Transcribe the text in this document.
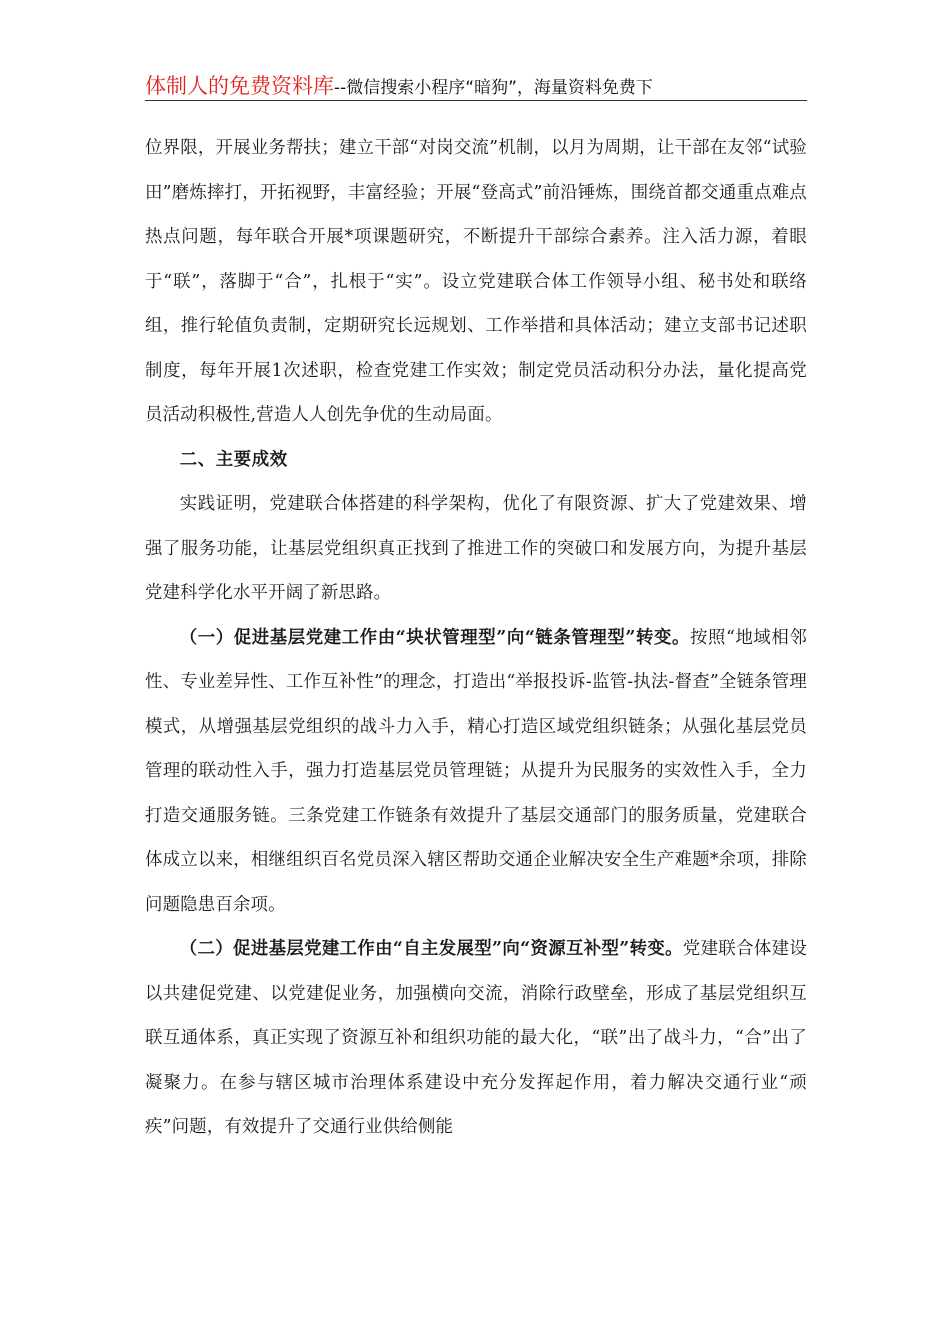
体制人的免费资料库--微信搜索小程序“暗狗”，海量资料免费下

位界限，开展业务帮扶；建立干部“对岗交流”机制，以月为周期，让干部在友邻“试验田”磨炼摔打，开拓视野，丰富经验；开展“登高式”前沿锤炼，围绕首都交通重点难点热点问题，每年联合开展*项课题研究，不断提升干部综合素养。注入活力源，着眼于“联”，落脚于“合”，扎根于“实”。设立党建联合体工作领导小组、秘书处和联络组，推行轮值负责制，定期研究长远规划、工作举措和具体活动；建立支部书记述职制度，每年开展1次述职，检查党建工作实效；制定党员活动积分办法，量化提高党员活动积极性,营造人人创先争优的生动局面。

二、主要成效

实践证明，党建联合体搭建的科学架构，优化了有限资源、扩大了党建效果、增强了服务功能，让基层党组织真正找到了推进工作的突破口和发展方向，为提升基层党建科学化水平开阔了新思路。

（一）促进基层党建工作由“块状管理型”向“链条管理型”转变。按照“地域相邻性、专业差异性、工作互补性”的理念，打造出“举报投诉-监管-执法-督查”全链条管理模式，从增强基层党组织的战斗力入手，精心打造区域党组织链条；从强化基层党员管理的联动性入手，强力打造基层党员管理链；从提升为民服务的实效性入手，全力打造交通服务链。三条党建工作链条有效提升了基层交通部门的服务质量，党建联合体成立以来，相继组织百名党员深入辖区帮助交通企业解决安全生产难题*余项，排除问题隐患百余项。

（二）促进基层党建工作由“自主发展型”向“资源互补型”转变。党建联合体建设以共建促党建、以党建促业务，加强横向交流，消除行政壁垒，形成了基层党组织互联互通体系，真正实现了资源互补和组织功能的最大化，“联”出了战斗力，“合”出了凝聚力。在参与辖区城市治理体系建设中充分发挥起作用，着力解决交通行业“顽疾”问题，有效提升了交通行业供给侧能
